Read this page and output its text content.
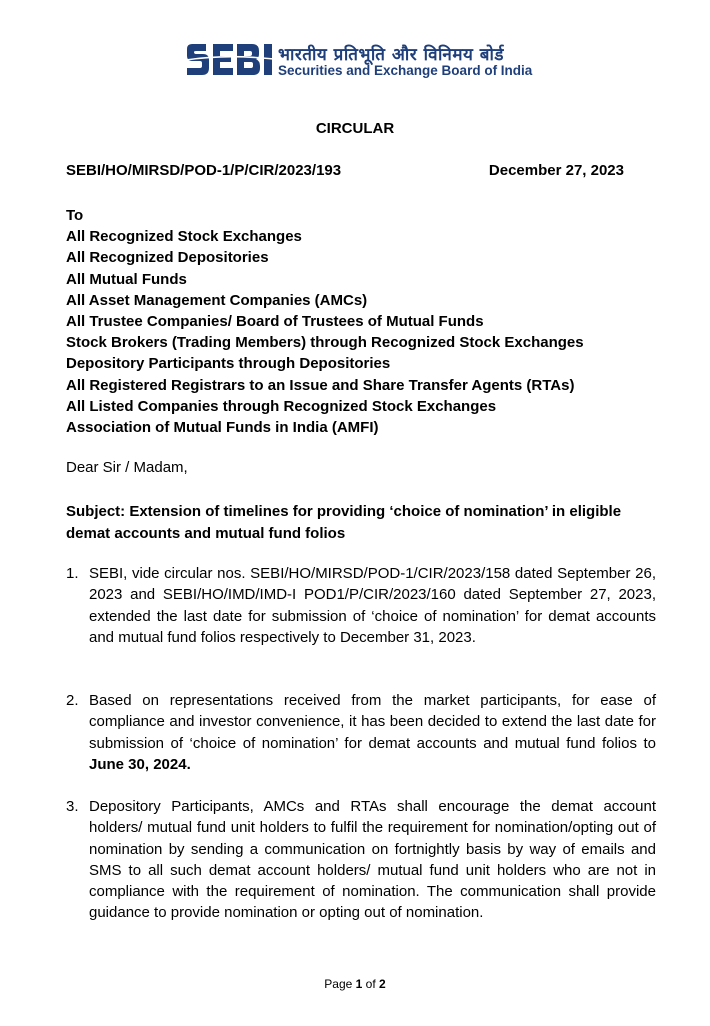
भारतीय प्रतिभूति और विनिमय बोर्ड
Securities and Exchange Board of India
CIRCULAR
SEBI/HO/MIRSD/POD-1/P/CIR/2023/193	December 27, 2023
To
All Recognized Stock Exchanges
All Recognized Depositories
All Mutual Funds
All Asset Management Companies (AMCs)
All Trustee Companies/ Board of Trustees of Mutual Funds
Stock Brokers (Trading Members) through Recognized Stock Exchanges
Depository Participants through Depositories
All Registered Registrars to an Issue and Share Transfer Agents (RTAs)
All Listed Companies through Recognized Stock Exchanges
Association of Mutual Funds in India (AMFI)
Dear Sir / Madam,
Subject: Extension of timelines for providing ‘choice of nomination’ in eligible demat accounts and mutual fund folios
1. SEBI, vide circular nos. SEBI/HO/MIRSD/POD-1/CIR/2023/158 dated September 26, 2023 and SEBI/HO/IMD/IMD-I POD1/P/CIR/2023/160 dated September 27, 2023, extended the last date for submission of ‘choice of nomination’ for demat accounts and mutual fund folios respectively to December 31, 2023.
2. Based on representations received from the market participants, for ease of compliance and investor convenience, it has been decided to extend the last date for submission of ‘choice of nomination’ for demat accounts and mutual fund folios to June 30, 2024.
3. Depository Participants, AMCs and RTAs shall encourage the demat account holders/ mutual fund unit holders to fulfil the requirement for nomination/opting out of nomination by sending a communication on fortnightly basis by way of emails and SMS to all such demat account holders/ mutual fund unit holders who are not in compliance with the requirement of nomination. The communication shall provide guidance to provide nomination or opting out of nomination.
Page 1 of 2
